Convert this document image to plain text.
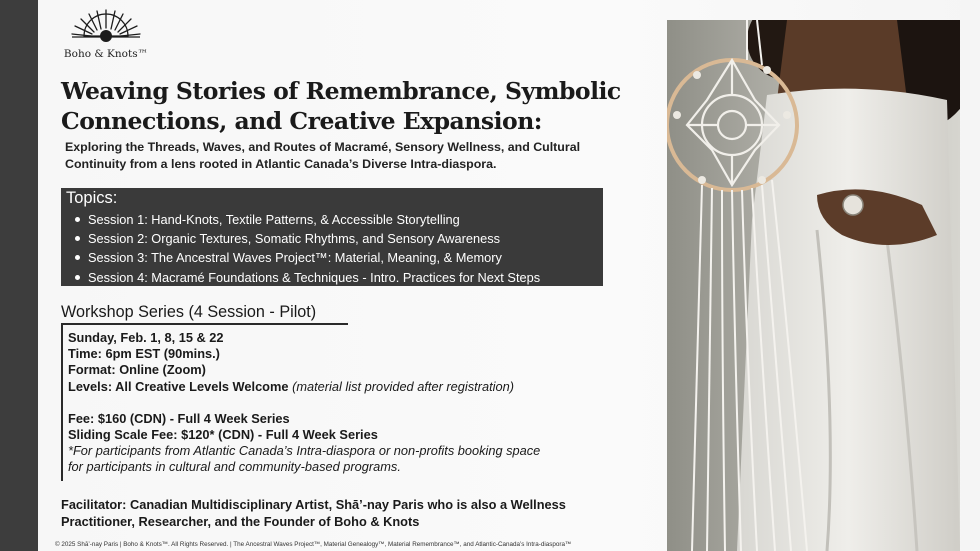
Boho & Knots™
Weaving Stories of Remembrance, Symbolic Connections, and Creative Expansion:
Exploring the Threads, Waves, and Routes of Macramé, Sensory Wellness, and Cultural Continuity from a lens rooted in Atlantic Canada’s Diverse Intra-diaspora.
Topics:
Session 1: Hand-Knots, Textile Patterns, & Accessible Storytelling
Session 2: Organic Textures, Somatic Rhythms, and Sensory Awareness
Session 3: The Ancestral Waves Project™: Material, Meaning, & Memory
Session 4: Macramé Foundations & Techniques - Intro. Practices for Next Steps
Workshop Series (4 Session - Pilot)
Sunday, Feb. 1, 8, 15 & 22
Time: 6pm EST (90mins.)
Format: Online (Zoom)
Levels: All Creative Levels Welcome (material list provided after registration)
Fee: $160 (CDN) - Full 4 Week Series
Sliding Scale Fee: $120* (CDN) - Full 4 Week Series
*For participants from Atlantic Canada’s Intra-diaspora or non-profits booking space for participants in cultural and community-based programs.
Facilitator: Canadian Multidisciplinary Artist, Shā’-nay Paris who is also a Wellness Practitioner, Researcher, and the Founder of Boho & Knots
© 2025 Shā’-nay Paris | Boho & Knots™. All Rights Reserved. | The Ancestral Waves Project™, Material Genealogy™, Material Remembrance™, and Atlantic-Canada’s Intra-diaspora™
